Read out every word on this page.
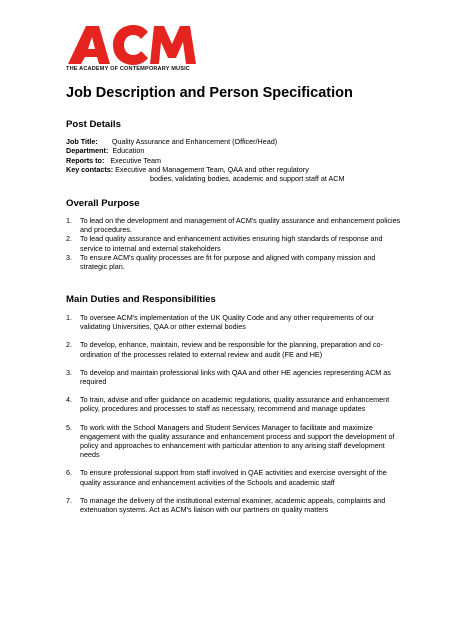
THE ACADEMY OF CONTEMPORARY MUSIC
Job Description and Person Specification
Post Details
Job Title: Quality Assurance and Enhancement (Officer/Head)
Department: Education
Reports to: Executive Team
Key contacts: Executive and Management Team, QAA and other regulatory
bodies, validating bodies, academic and support staff at ACM
Overall Purpose
1.	To lead on the development and management of ACM's quality assurance and enhancement policies and procedures.
2.	To lead quality assurance and enhancement activities ensuring high standards of response and service to internal and external stakeholders
3.	To ensure ACM's quality processes are fit for purpose and aligned with company mission and strategic plan.
Main Duties and Responsibilities
1.	To oversee ACM's implementation of the UK Quality Code and any other requirements of our validating Universities, QAA or other external bodies
2.	To develop, enhance, maintain, review and be responsible for the planning, preparation and co-ordination of the processes related to external review and audit (FE and HE)
3.	To develop and maintain professional links with QAA and other HE agencies representing ACM as required
4.	To train, advise and offer guidance on academic regulations, quality assurance and enhancement policy, procedures and processes to staff as necessary, recommend and manage updates
5.	To work with the School Managers and Student Services Manager to facilitate and maximize engagement with the quality assurance and enhancement process and support the development of policy and approaches to enhancement with particular attention to any arising staff development needs
6.	To ensure professional support from staff involved in QAE activities and exercise oversight of the quality assurance and enhancement activities of the Schools and academic staff
7.	To manage the delivery of the institutional external examiner, academic appeals, complaints and extenuation systems. Act as ACM's liaison with our partners on quality matters
